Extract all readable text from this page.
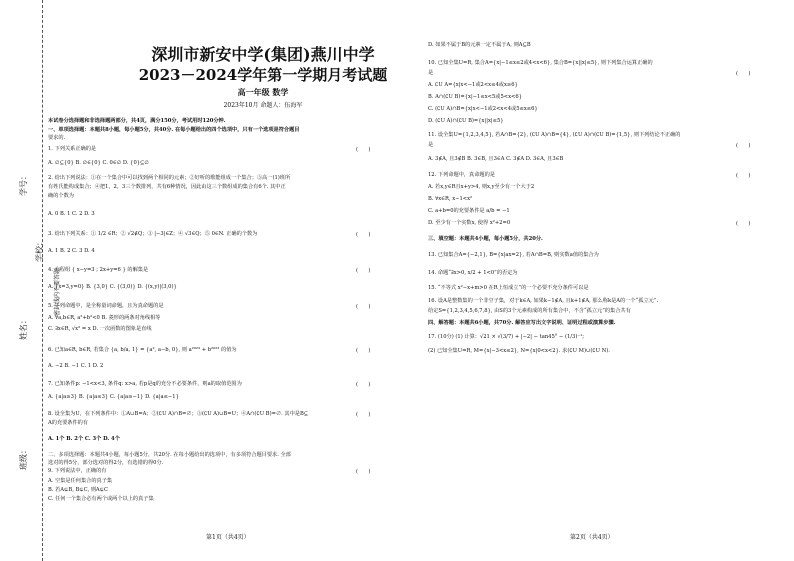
学号：
姓名：
班级：
学校：
密封线内不要答题
深圳市新安中学(集团)燕川中学
2023－2024学年第一学期月考试题
高一年级 数学
2023年10月 命题人：伍海军
本试卷分选择题和非选择题两部分，共4页，满分150分，考试用时120分钟.
一、单项选择题：本题共8小题，每小题5分，共40分. 在每小题给出的四个选项中，只有一个选项是符合题目
要求的.
1. 下列关系正确的是
A. ∅⊆{0} B. ∅∈{0} C. 0∈∅ D. {0}⊆∅
2. 给出下列说法：①在一个集合中可以找到两个相同的元素；②好听的歌能组成一个集合；③高一(1)班所
有姓氏能构成集合；④把1，2，3三个数排列，共有6种情况，因此由这三个数组成的集合有6个. 其中正
确的个数为
A. 0 B. 1 C. 2 D. 3
3. 给出下列关系：① 1/2 ∈R；② √2∉Q；③ |−3|∈Z；④ √3∈Q；⑤ 0∈N. 正确的个数为
A. 1 B. 2 C. 3 D. 4
4. 方程组 { x−y=3 ; 2x+y=6 } 的解集是
A. {x=3,y=0} B. {3,0} C. {(3,0)} D. {(x,y)|(3,0)}
5. 下列命题中，是全称量词命题，且为真命题的是
A. ∀a,b∈R, a²+b²<0 B. 菱形的两条对角线相等
C. ∃x∈R, √x² = x D. 一次函数的图象是直线
6. 已知a∈R, b∈R, 若集合 {a, b/a, 1} = {a², a−b, 0}, 则 a²⁰²³ + b²⁰²³ 的值为
A. −2 B. −1 C. 1 D. 2
7. 已知条件p: −1<x<3, 条件q: x>a, 若p是q的充分不必要条件，则a的取值范围为
A. {a|a≥3} B. {a|a≤3} C. {a|a≥−1} D. {a|a≤−1}
8. 设全集为U，在下列条件中：①A∪B=A；②(∁U A)∩B=∅；③(∁U A)∪B=U；④A∩(∁U B)=∅. 其中是B⊆
A的充要条件的有
A. 1个 B. 2个 C. 3个 D. 4个
二、多项选择题：本题共4小题，每小题5分，共20分. 在每小题给出的选项中，有多项符合题目要求. 全部
选对的得5分，部分选对的得2分，有选错的得0分.
9. 下列说法中，正确的有
A. 空集是任何集合的真子集
B. 若A⊊B, B⊊C, 则A⊊C
C. 任何一个集合必有两个或两个以上的真子集
(　　)
(　　)
(　　)
(　　)
(　　)
(　　)
(　　)
(　　)
D. 如果不属于B的元素一定不属于A, 则A⊆B
10. 已知全集U=R, 集合A={x|−1≤x≤2或4<x<6}, 集合B={x||x|≤5}, 则下列集合运算正确的
是
A. ∁U A={x|x<−1或2<x≤4或x≥6}
B. A∩(∁U B)={x|−1≤x<5或5<x<6}
C. (∁U A)∩B={x|x<−1或2<x<4或5≤x≤6}
D. (∁U A)∩(∁U B)={x||x|≤5}
11. 设全集U={1,2,3,4,5}, 若A∩B={2}, (∁U A)∩B={4}, (∁U A)∩(∁U B)={1,5}, 则下列结论不正确的
是
A. 3∉A, 且3∉B B. 3∈B, 且3∈A C. 3∉A D. 3∈A, 且3∈B
12. 下列命题中，真命题的是
A. 若x,y∈R且x+y>4, 则x,y至少有一个大于2
B. ∀x∈R, x−1<x²
C. a+b=0的充要条件是 a/b = −1
D. 至少有一个实数x, 使得 x²+2=0
三、填空题：本题共4小题，每小题5分，共20分.
13. 已知集合A={−2,1}, B={x|ax=2}, 若A∩B=B, 则实数a值的集合为
14. 命题“∃x>0, x/2 + 1<0”的否定为
15. “不等式 x²−x+m>0 在R上恒成立”的一个必要不充分条件可以是
16. 设A是整数集的一个非空子集，对于k∈A, 如果k−1∉A, 且k+1∉A, 那么称k是A的一个“孤立元”.
给定S={1,2,3,4,5,6,7,8}, 由S的3个元素构成的所有集合中，不含“孤立元”的集合共有
四、解答题：本题共6小题，共70分. 解答应写出文字说明、证明过程或演算步骤.
17. (10分) (1) 计算：√21 × √(3/7) + |−2| − tan45° − (1/3)⁻¹;
(2) 已知全集U=R, M={x|−3<x≤2}, N={x|0<x<2}. 求(∁U M)∪(∁U N).
(　　)
(　　)
(　　)
(　　)
第1页（共4页）	第2页（共4页）
